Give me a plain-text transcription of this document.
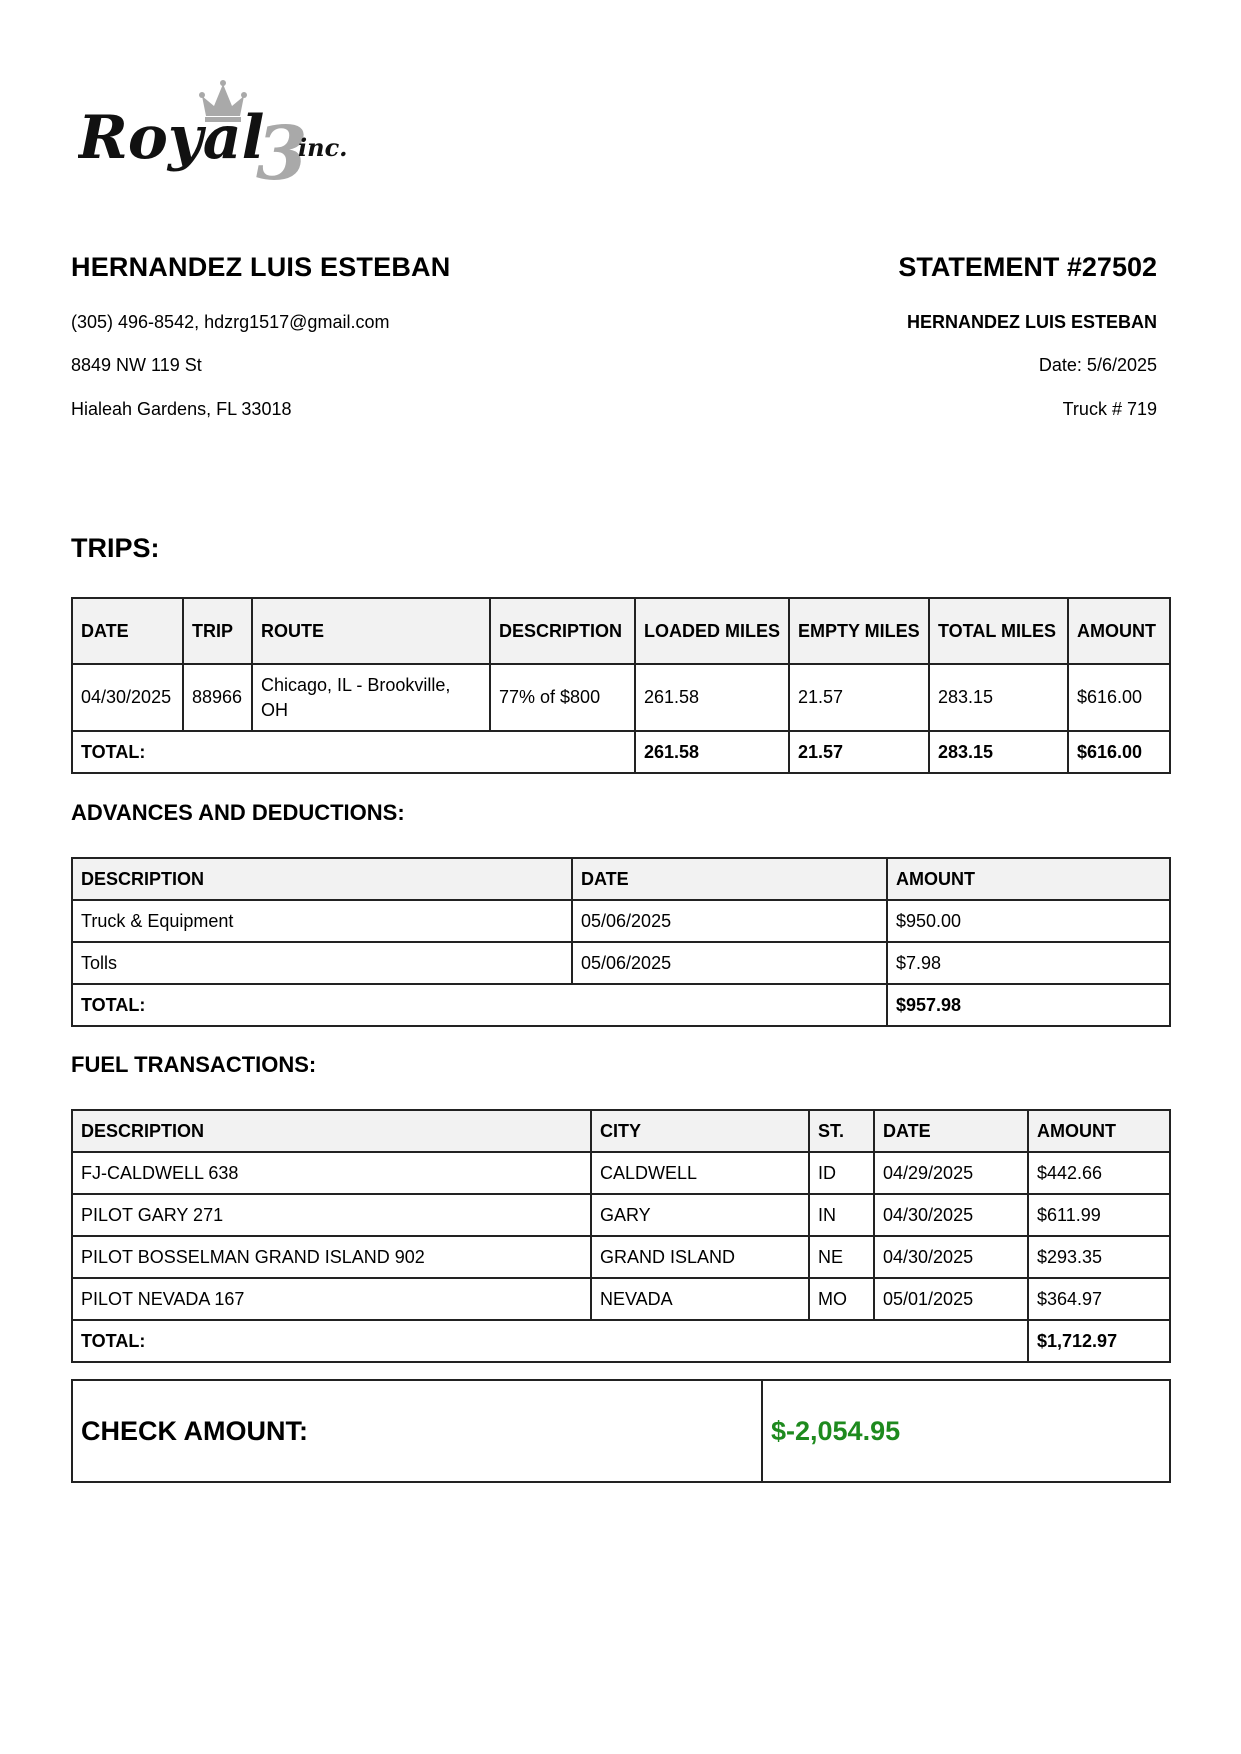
Royal
3
inc.
HERNANDEZ LUIS ESTEBAN
(305) 496-8542, hdzrg1517@gmail.com
8849 NW 119 St
Hialeah Gardens, FL 33018
STATEMENT #27502
HERNANDEZ LUIS ESTEBAN
Date: 5/6/2025
Truck # 719
TRIPS:
DATE	TRIP	ROUTE	DESCRIPTION	LOADED MILES	EMPTY MILES	TOTAL MILES	AMOUNT
04/30/2025	88966	Chicago, IL - Brookville, OH	77% of $800	261.58	21.57	283.15	$616.00
TOTAL:				261.58	21.57	283.15	$616.00
ADVANCES AND DEDUCTIONS:
DESCRIPTION	DATE	AMOUNT
Truck & Equipment	05/06/2025	$950.00
Tolls	05/06/2025	$7.98
TOTAL:		$957.98
FUEL TRANSACTIONS:
DESCRIPTION	CITY	ST.	DATE	AMOUNT
FJ-CALDWELL 638	CALDWELL	ID	04/29/2025	$442.66
PILOT GARY 271	GARY	IN	04/30/2025	$611.99
PILOT BOSSELMAN GRAND ISLAND 902	GRAND ISLAND	NE	04/30/2025	$293.35
PILOT NEVADA 167	NEVADA	MO	05/01/2025	$364.97
TOTAL:				$1,712.97
CHECK AMOUNT:	$-2,054.95
